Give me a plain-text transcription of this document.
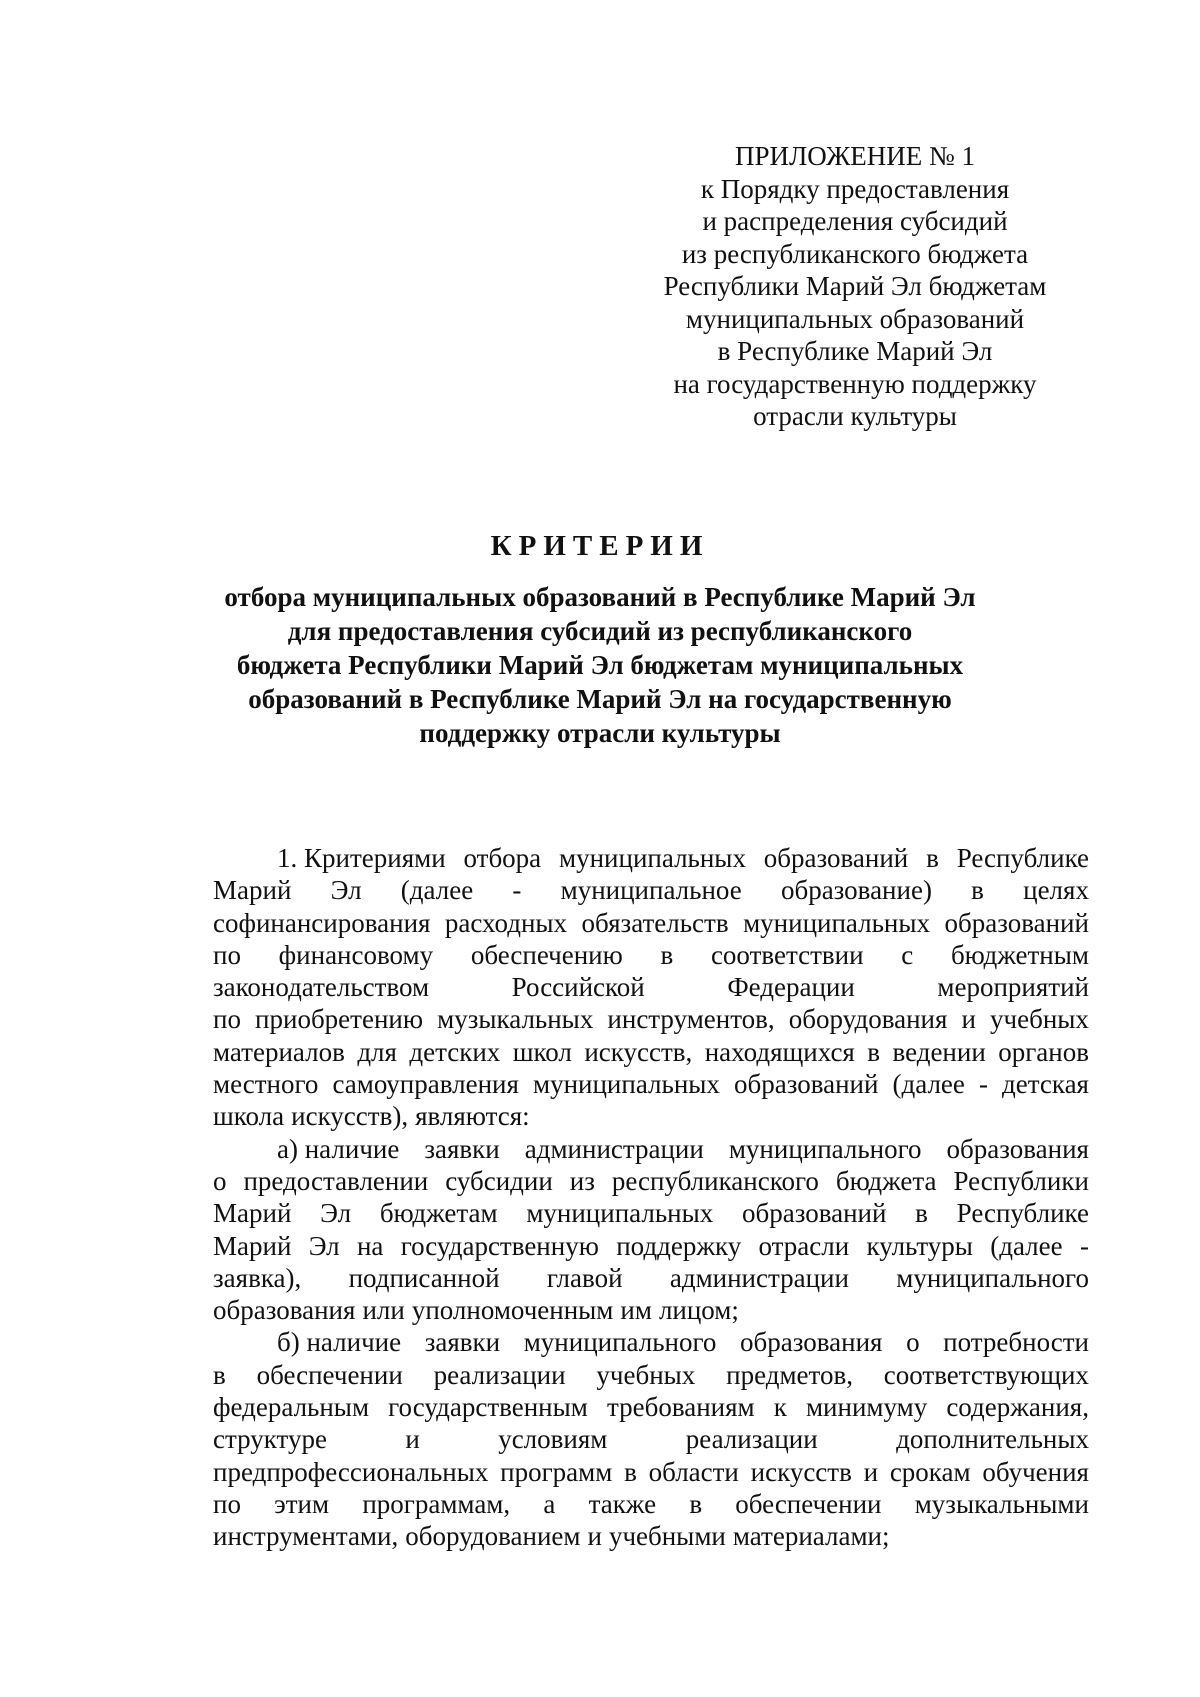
ПРИЛОЖЕНИЕ № 1
к Порядку предоставления
и распределения субсидий
из республиканского бюджета
Республики Марий Эл бюджетам
муниципальных образований
в Республике Марий Эл
на государственную поддержку
отрасли культуры
КРИТЕРИИ
отбора муниципальных образований в Республике Марий Эл
для предоставления субсидий из республиканского
бюджета Республики Марий Эл бюджетам муниципальных
образований в Республике Марий Эл на государственную
поддержку отрасли культуры
1. Критериями отбора муниципальных образований в Республике
Марий Эл (далее - муниципальное образование) в целях
софинансирования расходных обязательств муниципальных образований
по финансовому обеспечению в соответствии с бюджетным
законодательством	Российской	Федерации	мероприятий
по приобретению музыкальных инструментов, оборудования и учебных
материалов для детских школ искусств, находящихся в ведении органов
местного самоуправления муниципальных образований (далее - детская
школа искусств), являются:
а) наличие заявки администрации муниципального образования
о предоставлении субсидии из республиканского бюджета Республики
Марий Эл бюджетам муниципальных образований в Республике
Марий Эл на государственную поддержку отрасли культуры (далее -
заявка), подписанной главой администрации муниципального
образования или уполномоченным им лицом;
б) наличие заявки муниципального образования о потребности
в обеспечении реализации учебных предметов, соответствующих
федеральным государственным требованиям к минимуму содержания,
структуре	и	условиям	реализации	дополнительных
предпрофессиональных программ в области искусств и срокам обучения
по этим программам, а также в обеспечении музыкальными
инструментами, оборудованием и учебными материалами;
